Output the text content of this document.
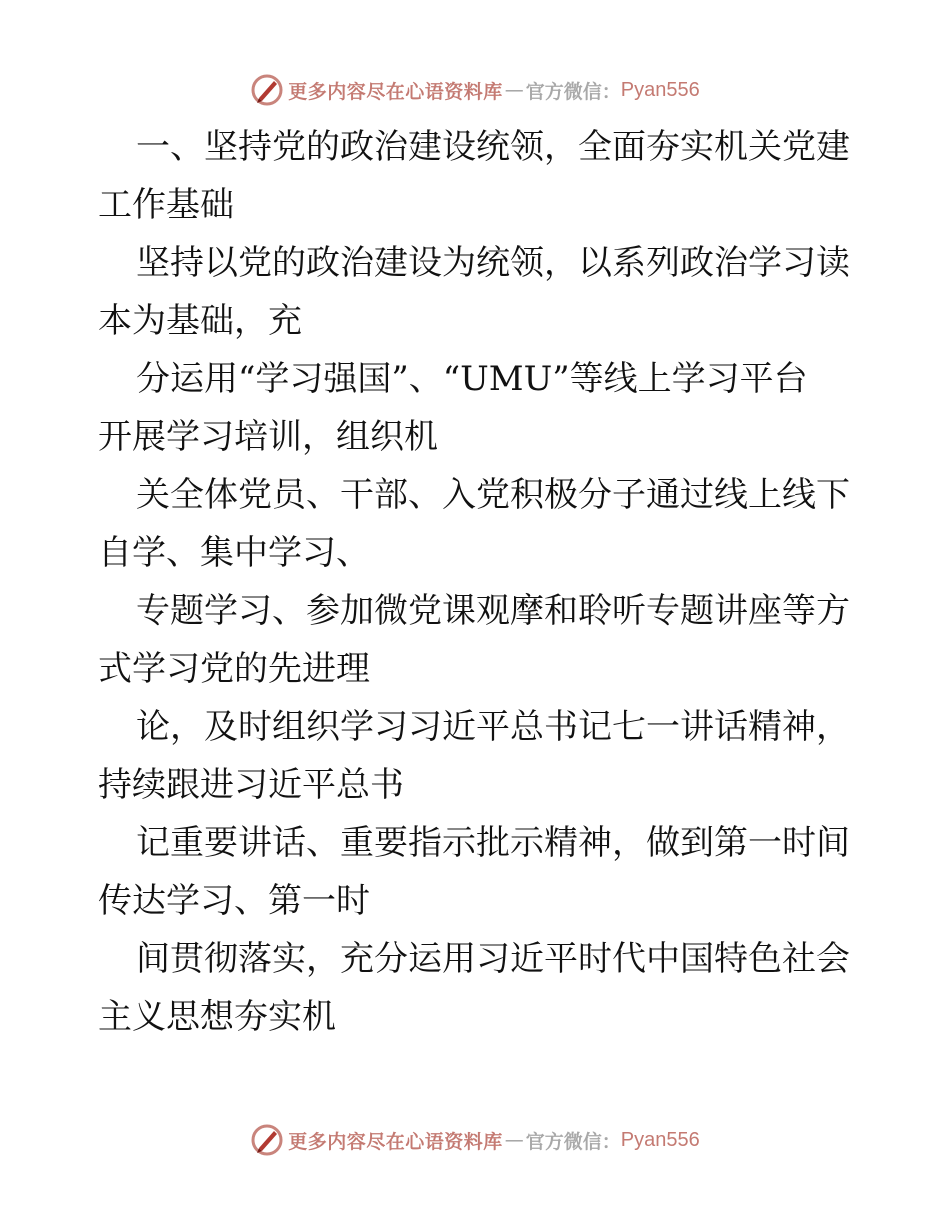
更多内容尽在心语资料库 — 官方微信： Pyan556
一、坚持党的政治建设统领，全面夯实机关党建
工作基础
坚持以党的政治建设为统领，以系列政治学习读
本为基础，充
分运用“学习强国”、“UMU”等线上学习平台
开展学习培训，组织机
关全体党员、干部、入党积极分子通过线上线下
自学、集中学习、
专题学习、参加微党课观摩和聆听专题讲座等方
式学习党的先进理
论，及时组织学习习近平总书记七一讲话精神，
持续跟进习近平总书
记重要讲话、重要指示批示精神，做到第一时间
传达学习、第一时
间贯彻落实，充分运用习近平时代中国特色社会
主义思想夯实机
更多内容尽在心语资料库 — 官方微信： Pyan556
